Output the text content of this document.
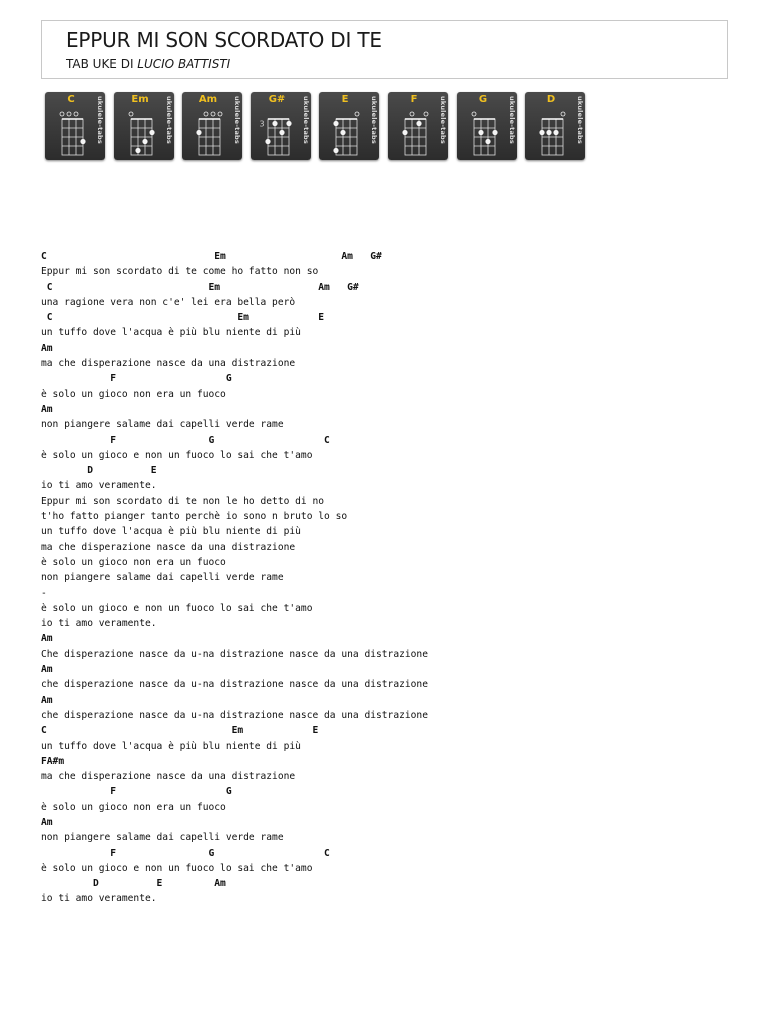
EPPUR MI SON SCORDATO DI TE
TAB UKE DI LUCIO BATTISTI
C	ukulele-tabs	Em	ukulele-tabs	Am	ukulele-tabs	G#	ukulele-tabs
3
E	ukulele-tabs	F	ukulele-tabs	G	ukulele-tabs	D	ukulele-tabs
C                             Em                    Am   G#
Eppur mi son scordato di te come ho fatto non so
C                           Em                 Am   G#
una ragione vera non c'e' lei era bella però
C                                Em            E
un tuffo dove l'acqua è più blu niente di più
Am
ma che disperazione nasce da una distrazione
F                   G
è solo un gioco non era un fuoco
Am
non piangere salame dai capelli verde rame
F                G                   C
è solo un gioco e non un fuoco lo sai che t'amo
D          E
io ti amo veramente.
Eppur mi son scordato di te non le ho detto di no
t'ho fatto pianger tanto perchè io sono n bruto lo so
un tuffo dove l'acqua è più blu niente di più
ma che disperazione nasce da una distrazione
è solo un gioco non era un fuoco
non piangere salame dai capelli verde rame
-
è solo un gioco e non un fuoco lo sai che t'amo
io ti amo veramente.
Am
Che disperazione nasce da u-na distrazione nasce da una distrazione
Am
che disperazione nasce da u-na distrazione nasce da una distrazione
Am
che disperazione nasce da u-na distrazione nasce da una distrazione
C                                Em            E
un tuffo dove l'acqua è più blu niente di più
FA#m
ma che disperazione nasce da una distrazione
F                   G
è solo un gioco non era un fuoco
Am
non piangere salame dai capelli verde rame
F                G                   C
è solo un gioco e non un fuoco lo sai che t'amo
D          E         Am
io ti amo veramente.
